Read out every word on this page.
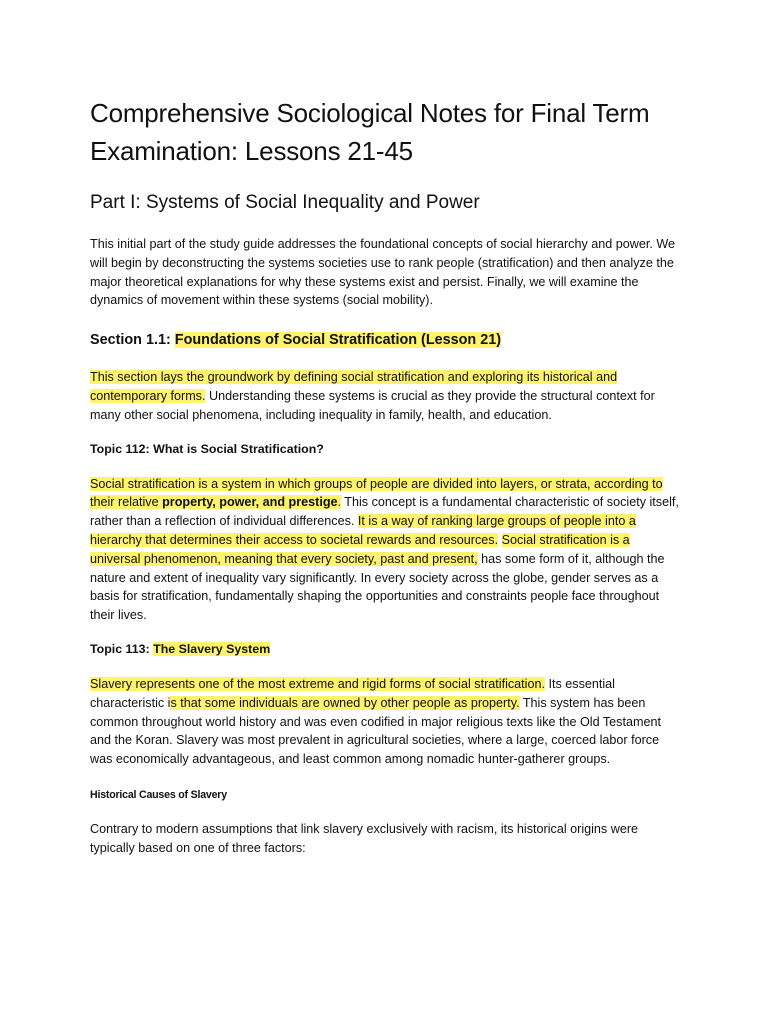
Comprehensive Sociological Notes for Final Term Examination: Lessons 21-45
Part I: Systems of Social Inequality and Power

This initial part of the study guide addresses the foundational concepts of social hierarchy and power. We will begin by deconstructing the systems societies use to rank people (stratification) and then analyze the major theoretical explanations for why these systems exist and persist. Finally, we will examine the dynamics of movement within these systems (social mobility).

Section 1.1: Foundations of Social Stratification (Lesson 21)

This section lays the groundwork by defining social stratification and exploring its historical and contemporary forms. Understanding these systems is crucial as they provide the structural context for many other social phenomena, including inequality in family, health, and education.

Topic 112: What is Social Stratification?

Social stratification is a system in which groups of people are divided into layers, or strata, according to their relative property, power, and prestige. This concept is a fundamental characteristic of society itself, rather than a reflection of individual differences. It is a way of ranking large groups of people into a hierarchy that determines their access to societal rewards and resources. Social stratification is a universal phenomenon, meaning that every society, past and present, has some form of it, although the nature and extent of inequality vary significantly. In every society across the globe, gender serves as a basis for stratification, fundamentally shaping the opportunities and constraints people face throughout their lives.

Topic 113: The Slavery System

Slavery represents one of the most extreme and rigid forms of social stratification. Its essential characteristic is that some individuals are owned by other people as property. This system has been common throughout world history and was even codified in major religious texts like the Old Testament and the Koran. Slavery was most prevalent in agricultural societies, where a large, coerced labor force was economically advantageous, and least common among nomadic hunter-gatherer groups.

Historical Causes of Slavery

Contrary to modern assumptions that link slavery exclusively with racism, its historical origins were typically based on one of three factors:
